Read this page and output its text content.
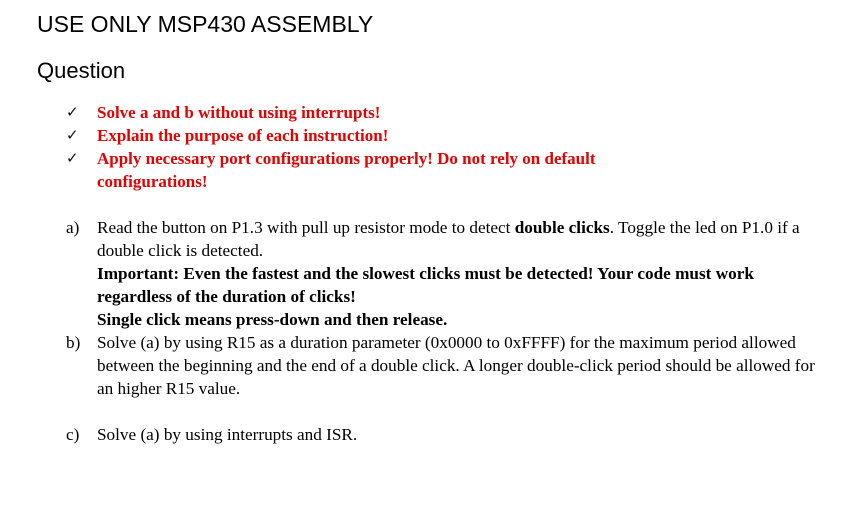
USE ONLY MSP430 ASSEMBLY
Question
✓ Solve a and b without using interrupts!
✓ Explain the purpose of each instruction!
✓ Apply necessary port configurations properly! Do not rely on default configurations!
a) Read the button on P1.3 with pull up resistor mode to detect double clicks. Toggle the led on P1.0 if a double click is detected.
Important: Even the fastest and the slowest clicks must be detected! Your code must work regardless of the duration of clicks!
Single click means press-down and then release.
b) Solve (a) by using R15 as a duration parameter (0x0000 to 0xFFFF) for the maximum period allowed between the beginning and the end of a double click. A longer double-click period should be allowed for an higher R15 value.
c) Solve (a) by using interrupts and ISR.
